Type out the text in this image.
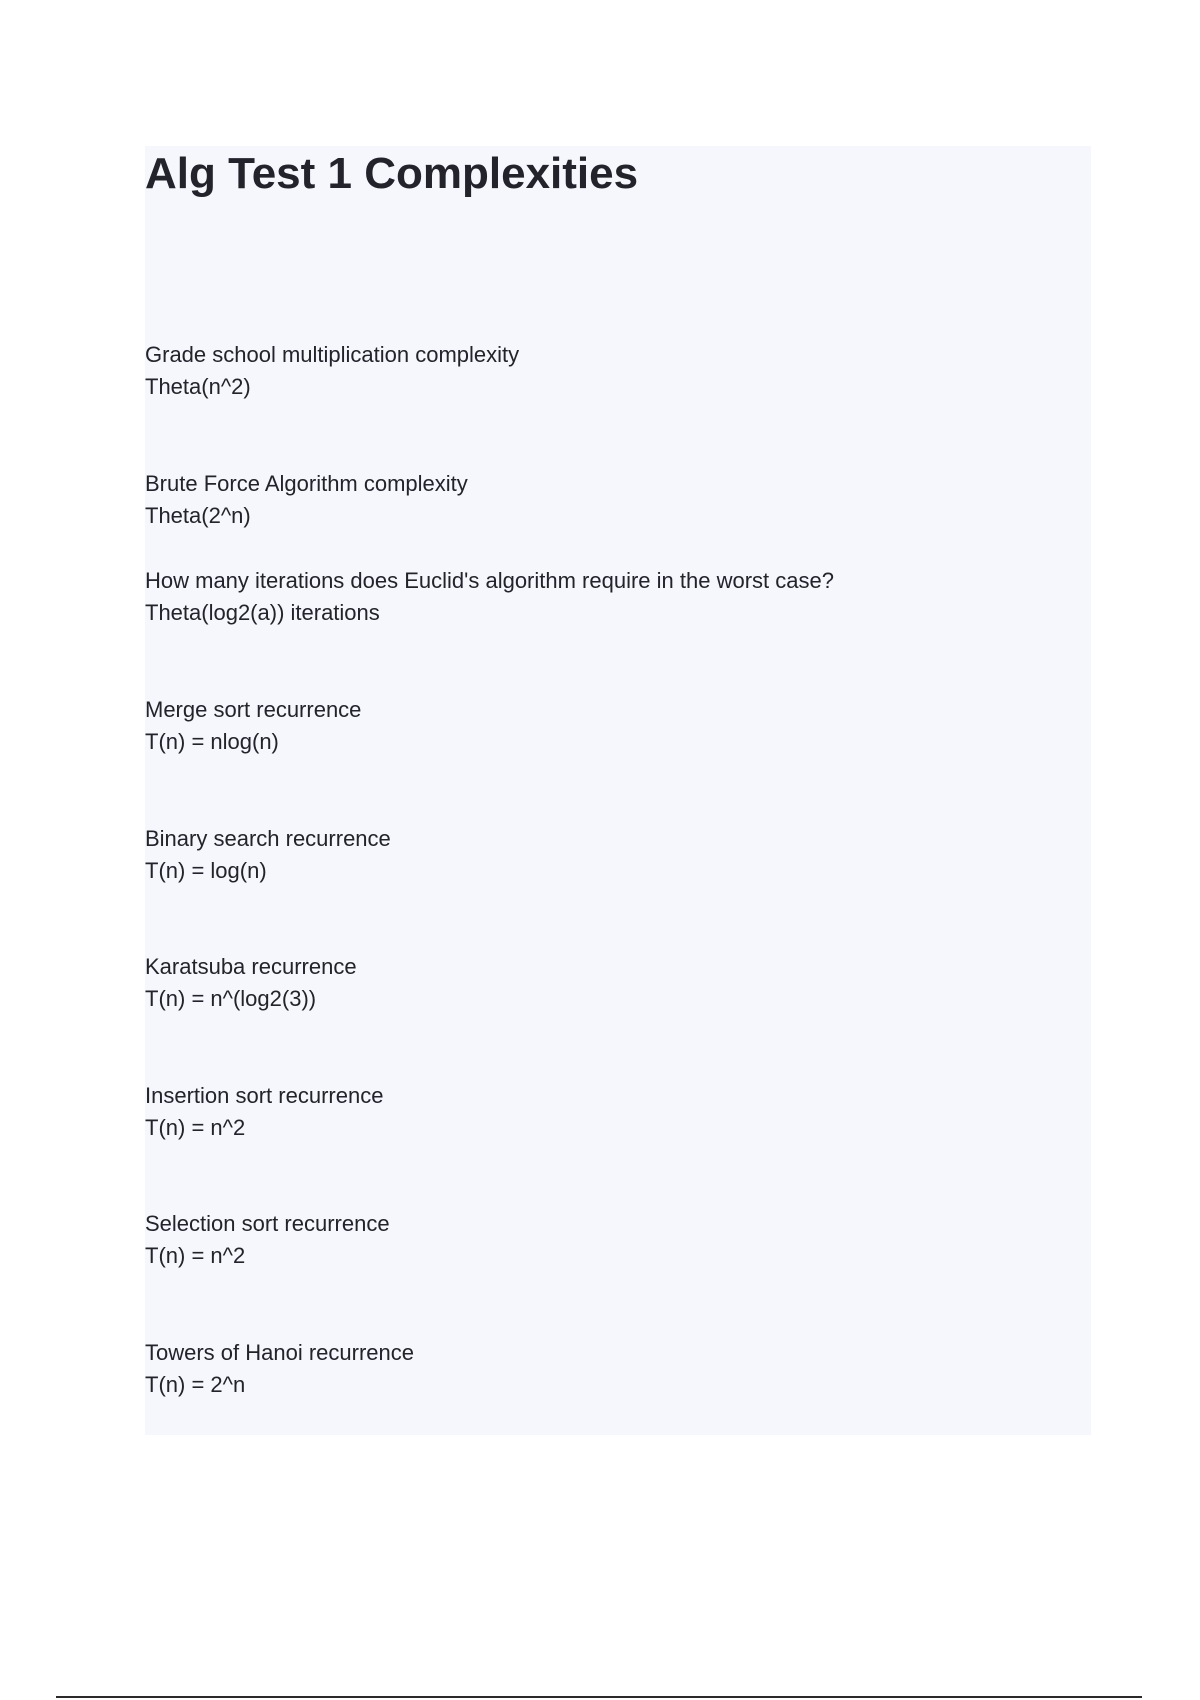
Alg Test 1 Complexities
Grade school multiplication complexity
Theta(n^2)
Brute Force Algorithm complexity
Theta(2^n)
How many iterations does Euclid's algorithm require in the worst case?
Theta(log2(a)) iterations
Merge sort recurrence
T(n) = nlog(n)
Binary search recurrence
T(n) = log(n)
Karatsuba recurrence
T(n) = n^(log2(3))
Insertion sort recurrence
T(n) = n^2
Selection sort recurrence
T(n) = n^2
Towers of Hanoi recurrence
T(n) = 2^n
